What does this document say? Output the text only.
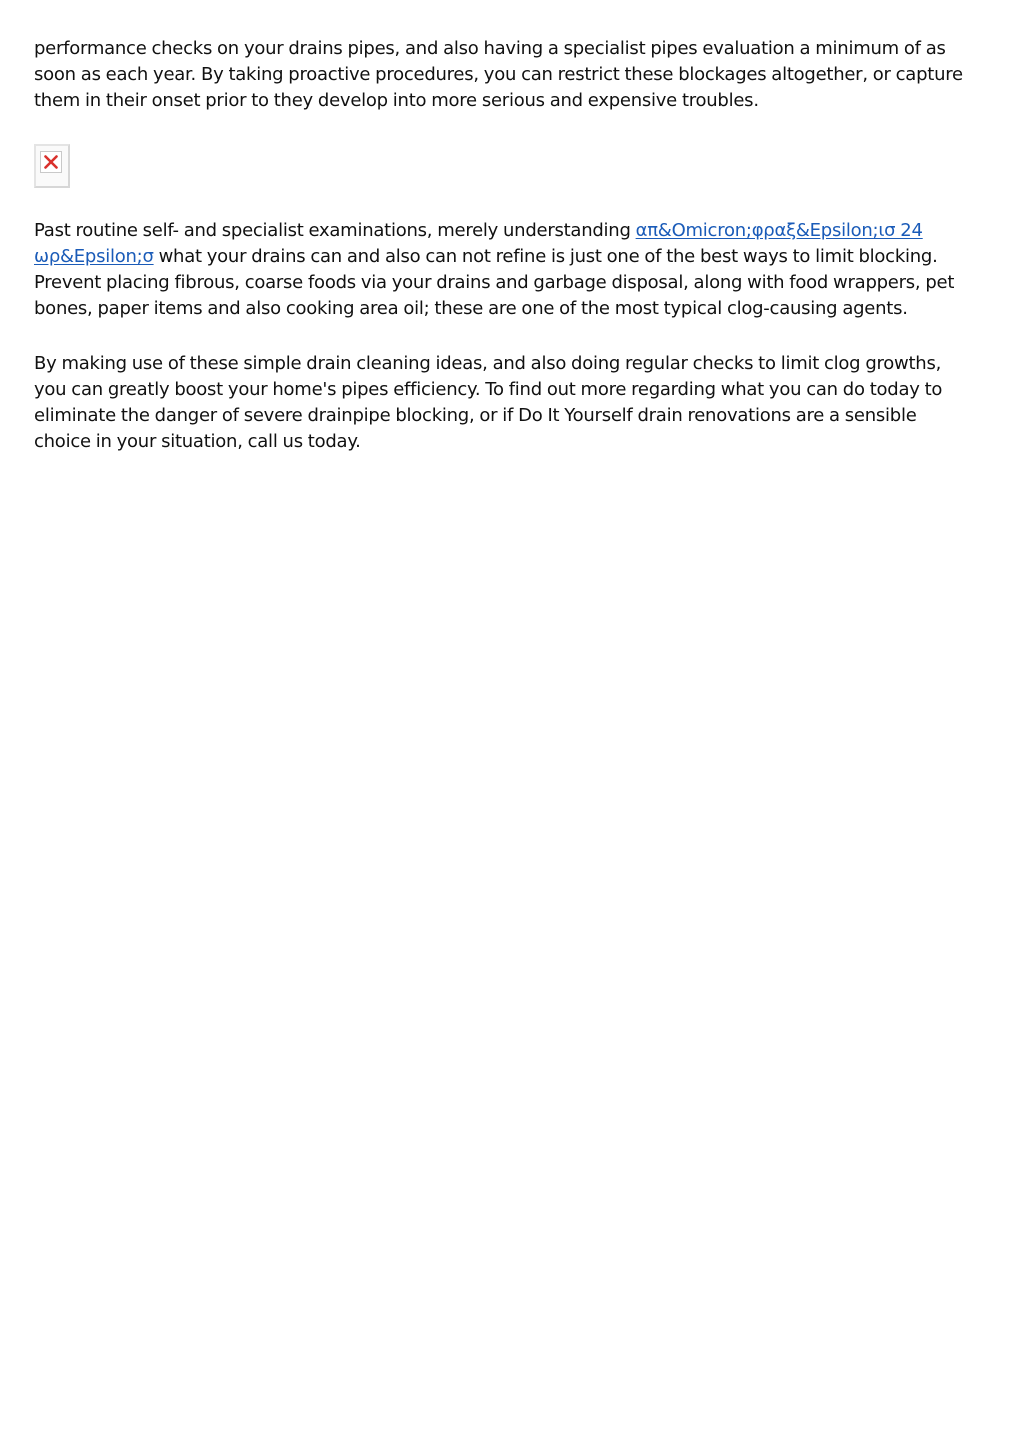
performance checks on your drains pipes, and also having a specialist pipes evaluation a minimum of as soon as each year. By taking proactive procedures, you can restrict these blockages altogether, or capture them in their onset prior to they develop into more serious and expensive troubles.

Past routine self- and specialist examinations, merely understanding απ&Omicron;φραξ&Epsilon;ισ 24 ωρ&Epsilon;σ what your drains can and also can not refine is just one of the best ways to limit blocking. Prevent placing fibrous, coarse foods via your drains and garbage disposal, along with food wrappers, pet bones, paper items and also cooking area oil; these are one of the most typical clog-causing agents.

By making use of these simple drain cleaning ideas, and also doing regular checks to limit clog growths, you can greatly boost your home's pipes efficiency. To find out more regarding what you can do today to eliminate the danger of severe drainpipe blocking, or if Do It Yourself drain renovations are a sensible choice in your situation, call us today.
